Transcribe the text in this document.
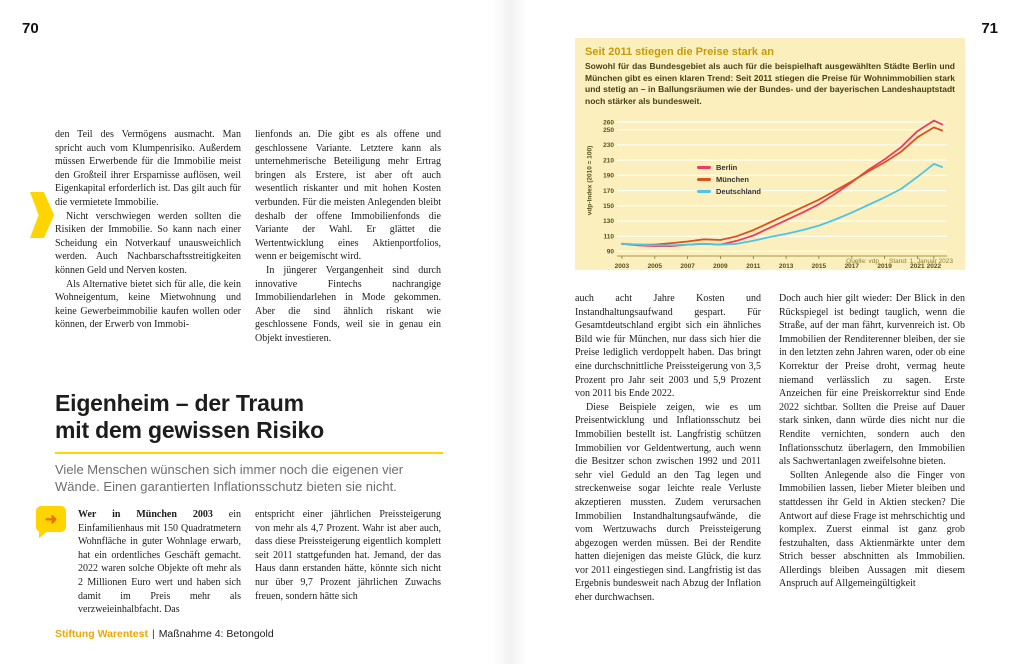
70	71

den Teil des Vermögens ausmacht. Man spricht auch vom Klumpenrisiko. Außerdem müssen Erwerbende für die Immobilie meist den Großteil ihrer Ersparnisse auflösen, weil Eigenkapital erforderlich ist. Das gilt auch für die vermietete Immobilie.

Nicht verschwiegen werden sollten die Risiken der Immobilie. So kann nach einer Scheidung ein Notverkauf unausweichlich werden. Auch Nachbarschaftsstreitigkeiten können Geld und Nerven kosten.

Als Alternative bietet sich für alle, die kein Wohneigentum, keine Mietwohnung und keine Gewerbeimmobilie kaufen wollen oder können, der Erwerb von Immobi-

lienfonds an. Die gibt es als offene und geschlossene Variante. Letztere kann als unternehmerische Beteiligung mehr Ertrag bringen als Erstere, ist aber oft auch wesentlich riskanter und mit hohen Kosten verbunden. Für die meisten Anlegenden bleibt deshalb der offene Immobilienfonds die Variante der Wahl. Er glättet die Wertentwicklung eines Aktienportfolios, wenn er beigemischt wird.

In jüngerer Vergangenheit sind durch innovative Fintechs nachrangige Immobiliendarlehen in Mode gekommen. Aber die sind ähnlich riskant wie geschlossene Fonds, weil sie in genau ein Objekt investieren.

Eigenheim – der Traum
mit dem gewissen Risiko
Viele Menschen wünschen sich immer noch die eigenen vier Wände. Einen garantierten Inflationsschutz bieten sie nicht.
➜ Wer in München 2003 ein Einfamilienhaus mit 150 Quadratmetern Wohnfläche in guter Wohnlage erwarb, hat ein ordentliches Geschäft gemacht. 2022 waren solche Objekte oft mehr als 2 Millionen Euro wert und haben sich damit im Preis mehr als verzweieinhalbfacht. Das

entspricht einer jährlichen Preissteigerung von mehr als 4,7 Prozent. Wahr ist aber auch, dass diese Preissteigerung eigentlich komplett seit 2011 stattgefunden hat. Jemand, der das Haus dann erstanden hätte, könnte sich nicht nur über 9,7 Prozent jährlichen Zuwachs freuen, sondern hätte sich

Stiftung Warentest | Maßnahme 4: Betongold
Seit 2011 stiegen die Preise stark an
Sowohl für das Bundesgebiet als auch für die beispielhaft ausgewählten Städte Berlin und München gibt es einen klaren Trend: Seit 2011 stiegen die Preise für Wohnimmobilien stark und stetig an – in Ballungsräumen wie der Bundes- und der bayerischen Landeshauptstadt noch stärker als bundesweit.
90
110
130
150
170
190
210
230
250
260
2003	2005	2007	2009	2011	2013	2015	2017	2019	2021 2022
vdp-Index (2010 = 100)	Berlin
München
Deutschland
Quelle: vdp Stand: 1. Januar 2023

auch acht Jahre Kosten und Instandhaltungsaufwand gespart. Für Gesamtdeutschland ergibt sich ein ähnliches Bild wie für München, nur dass sich hier die Preise lediglich verdoppelt haben. Das bringt eine durchschnittliche Preissteigerung von 3,5 Prozent pro Jahr seit 2003 und 5,9 Prozent von 2011 bis Ende 2022.

Diese Beispiele zeigen, wie es um Preisentwicklung und Inflationsschutz bei Immobilien bestellt ist. Langfristig schützen Immobilien vor Geldentwertung, auch wenn die Besitzer schon zwischen 1992 und 2011 sehr viel Geduld an den Tag legen und streckenweise sogar leichte reale Verluste akzeptieren mussten. Zudem verursachen Immobilien Instandhaltungsaufwände, die vom Wertzuwachs durch Preissteigerung abgezogen werden müssen. Bei der Rendite hatten diejenigen das meiste Glück, die kurz vor 2011 eingestiegen sind. Langfristig ist das Ergebnis bundesweit nach Abzug der Inflation eher durchwachsen.

Doch auch hier gilt wieder: Der Blick in den Rückspiegel ist bedingt tauglich, wenn die Straße, auf der man fährt, kurvenreich ist. Ob Immobilien der Renditerenner bleiben, der sie in den letzten zehn Jahren waren, oder ob eine Korrektur der Preise droht, vermag heute niemand verlässlich zu sagen. Erste Anzeichen für eine Preiskorrektur sind Ende 2022 sichtbar. Sollten die Preise auf Dauer stark sinken, dann würde dies nicht nur die Rendite vernichten, sondern auch den Inflationsschutz überlagern, den Immobilien als Sachwertanlagen zweifelsohne bieten.

Sollten Anlegende also die Finger von Immobilien lassen, lieber Mieter bleiben und stattdessen ihr Geld in Aktien stecken? Die Antwort auf diese Frage ist mehrschichtig und komplex. Zuerst einmal ist ganz grob festzuhalten, dass Aktienmärkte unter dem Strich besser abschnitten als Immobilien. Allerdings bleiben Aussagen mit diesem Anspruch auf Allgemeingültigkeit
